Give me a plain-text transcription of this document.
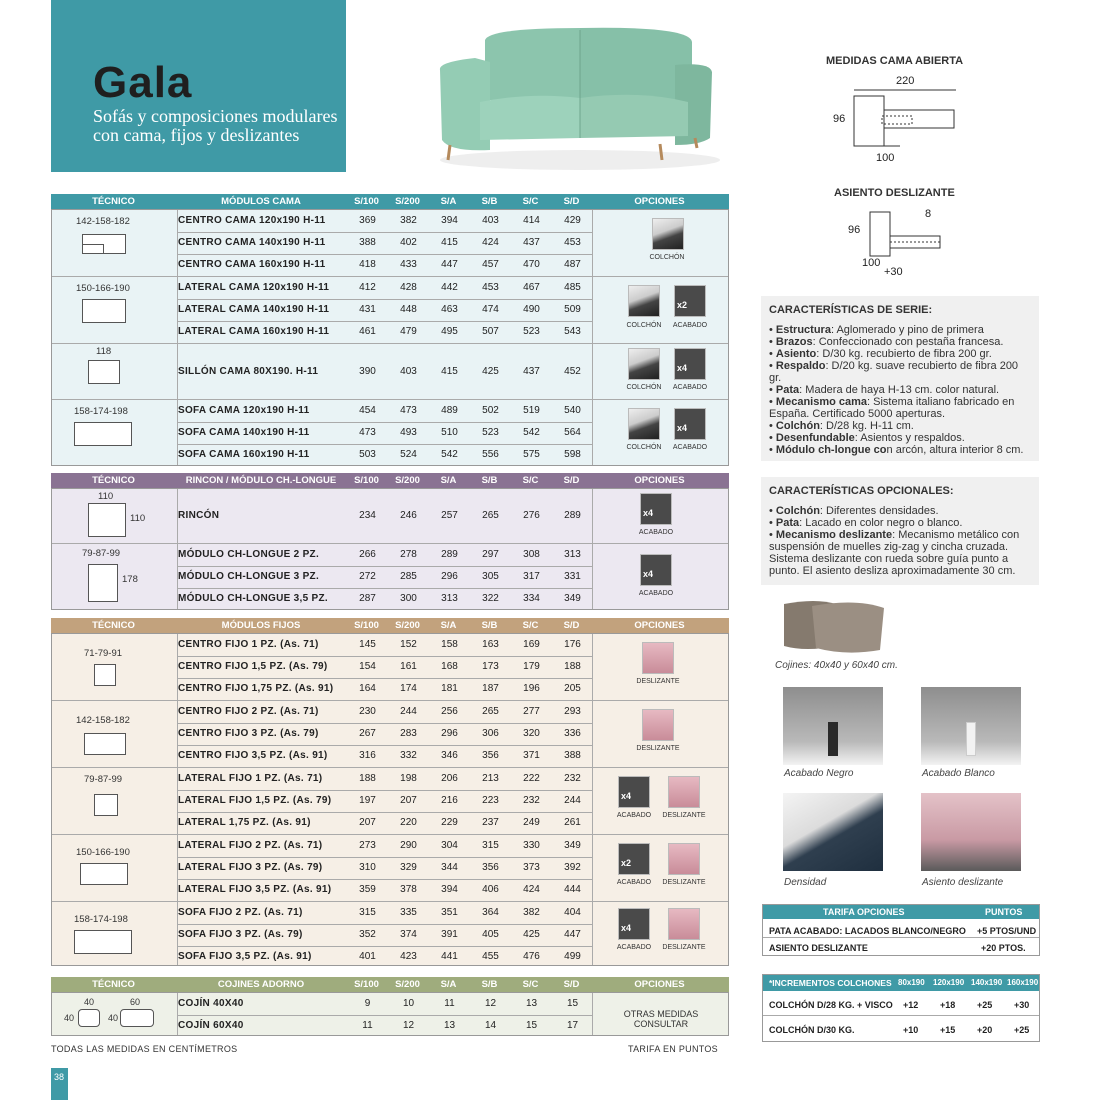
Gala
Sofás y composiciones modulares con cama, fijos y deslizantes
TÉCNICO	MÓDULOS CAMA	S/100	S/200	S/A	S/B	S/C	S/D	OPCIONES
142-158-182	CENTRO CAMA 120x190 H-11	369	382	394	403	414	429
CENTRO CAMA 140x190 H-11	388	402	415	424	437	453
CENTRO CAMA 160x190 H-11	418	433	447	457	470	487
COLCHÓN
150-166-190	LATERAL CAMA 120x190 H-11	412	428	442	453	467	485
LATERAL CAMA 140x190 H-11	431	448	463	474	490	509
LATERAL CAMA 160x190 H-11	461	479	495	507	523	543
x2
COLCHÓN	ACABADO
118
SILLÓN CAMA 80X190. H-11	390	403	415	425	437	452	x4
COLCHÓN	ACABADO
158-174-198	SOFA CAMA 120x190 H-11	454	473	489	502	519	540
SOFA CAMA 140x190 H-11	473	493	510	523	542	564
SOFA CAMA 160x190 H-11	503	524	542	556	575	598
x4
COLCHÓN	ACABADO
TÉCNICO	RINCON / MÓDULO CH.-LONGUE	S/100	S/200	S/A	S/B	S/C	S/D	OPCIONES
110
110	RINCÓN	234	246	257	265	276	289	x4
ACABADO
79-87-99
178
MÓDULO CH-LONGUE 2 PZ.	266	278	289	297	308	313
MÓDULO CH-LONGUE 3 PZ.	272	285	296	305	317	331
MÓDULO CH-LONGUE 3,5 PZ.	287	300	313	322	334	349
x4
ACABADO
TÉCNICO	MÓDULOS FIJOS	S/100	S/200	S/A	S/B	S/C	S/D	OPCIONES
71-79-91
CENTRO FIJO 1 PZ. (As. 71)	145	152	158	163	169	176
CENTRO FIJO 1,5 PZ. (As. 79)	154	161	168	173	179	188
CENTRO FIJO 1,75 PZ. (As. 91)	164	174	181	187	196	205
DESLIZANTE
142-158-182
CENTRO FIJO 2 PZ. (As. 71)	230	244	256	265	277	293
CENTRO FIJO 3 PZ. (As. 79)	267	283	296	306	320	336
CENTRO FIJO 3,5 PZ. (As. 91)	316	332	346	356	371	388
DESLIZANTE
79-87-99	LATERAL FIJO 1 PZ. (As. 71)	188	198	206	213	222	232
LATERAL FIJO 1,5 PZ. (As. 79)	197	207	216	223	232	244
LATERAL 1,75 PZ. (As. 91)	207	220	229	237	249	261
x4
ACABADO	DESLIZANTE
150-166-190
LATERAL FIJO 2 PZ. (As. 71)	273	290	304	315	330	349
LATERAL FIJO 3 PZ. (As. 79)	310	329	344	356	373	392
LATERAL FIJO 3,5 PZ. (As. 91)	359	378	394	406	424	444
x2
ACABADO	DESLIZANTE
158-174-198
SOFA FIJO 2 PZ. (As. 71)	315	335	351	364	382	404
SOFA FIJO 3 PZ. (As. 79)	352	374	391	405	425	447
SOFA FIJO 3,5 PZ. (As. 91)	401	423	441	455	476	499
x4
ACABADO	DESLIZANTE
TÉCNICO	COJINES ADORNO	S/100	S/200	S/A	S/B	S/C	S/D	OPCIONES
40	60
40	40
COJÍN 40X40	9	10	11	12	13	15
COJÍN 60X40	11	12	13	14	15	17
OTRAS MEDIDAS CONSULTAR
TODAS LAS MEDIDAS EN CENTÍMETROS	TARIFA EN PUNTOS
38
MEDIDAS CAMA ABIERTA
220
96
100
ASIENTO DESLIZANTE
8
96
100
+30
CARACTERÍSTICAS DE SERIE:

• Estructura: Aglomerado y pino de primera

• Brazos: Confeccionado con pestaña francesa.

• Asiento: D/30 kg. recubierto de fibra 200 gr.

• Respaldo: D/20 kg. suave recubierto de fibra 200 gr.

• Pata: Madera de haya H-13 cm. color natural.

• Mecanismo cama: Sistema italiano fabricado en España. Certificado 5000 aperturas.

• Colchón: D/28 kg. H-11 cm.

• Desenfundable: Asientos y respaldos.

• Módulo ch-longue con arcón, altura interior 8 cm.

CARACTERÍSTICAS OPCIONALES:

• Colchón: Diferentes densidades.

• Pata: Lacado en color negro o blanco.

• Mecanismo deslizante: Mecanismo metálico con suspensión de muelles zig-zag y cincha cruzada. Sistema deslizante con rueda sobre guía punto a punto. El asiento desliza aproximadamente 30 cm.

Cojines: 40x40 y 60x40 cm.
Acabado Negro	Acabado Blanco
Densidad	Asiento deslizante
TARIFA OPCIONES	PUNTOS
PATA ACABADO: LACADOS BLANCO/NEGRO +5 PTOS/UND
ASIENTO DESLIZANTE	+20 PTOS.
*INCREMENTOS COLCHONES 80x190 120x190 140x190 160x190
COLCHÓN D/28 KG. + VISCO +12 +18 +25 +30
COLCHÓN D/30 KG.	+10 +15 +20 +25
